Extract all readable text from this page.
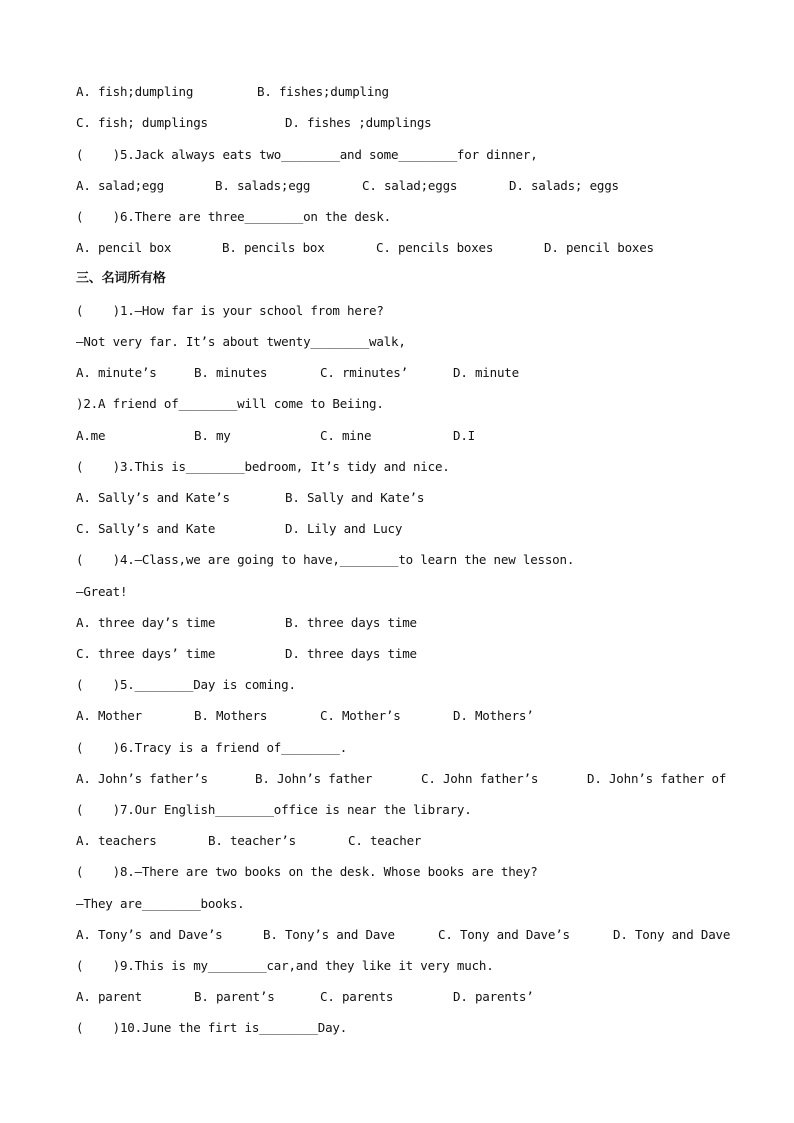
A. fish;dumpling	B. fishes;dumpling
C. fish; dumplings	D. fishes ;dumplings
(    )5.Jack always eats two________and some________for dinner,
A. salad;egg	B. salads;egg	C. salad;eggs	D. salads; eggs
(    )6.There are three________on the desk.
A. pencil box	B. pencils box	C. pencils boxes	D. pencil boxes
三、名词所有格
(    )1.—How far is your school from here?
—Not very far. It’s about twenty________walk,
A. minute’s	B. minutes	C. rminutes’	D. minute
)2.A friend of________will come to Beiing.
A.me	B. my	C. mine	D.I
(    )3.This is________bedroom, It’s tidy and nice.
A. Sally’s and Kate’s	B. Sally and Kate’s
C. Sally’s and Kate	D. Lily and Lucy
(    )4.—Class,we are going to have,________to learn the new lesson.
—Great!
A. three day’s time	B. three days time
C. three days’ time	D. three days time
(    )5.________Day is coming.
A. Mother	B. Mothers	C. Mother’s	D. Mothers’
(    )6.Tracy is a friend of________.
A. John’s father’s	B. John’s father	C. John father’s	D. John’s father of
(    )7.Our English________office is near the library.
A. teachers	B. teacher’s	C. teacher
(    )8.—There are two books on the desk. Whose books are they?
—They are________books.
A. Tony’s and Dave’s	B. Tony’s and Dave	C. Tony and Dave’s	D. Tony and Dave
(    )9.This is my________car,and they like it very much.
A. parent	B. parent’s	C. parents	D. parents’
(    )10.June the firt is________Day.
